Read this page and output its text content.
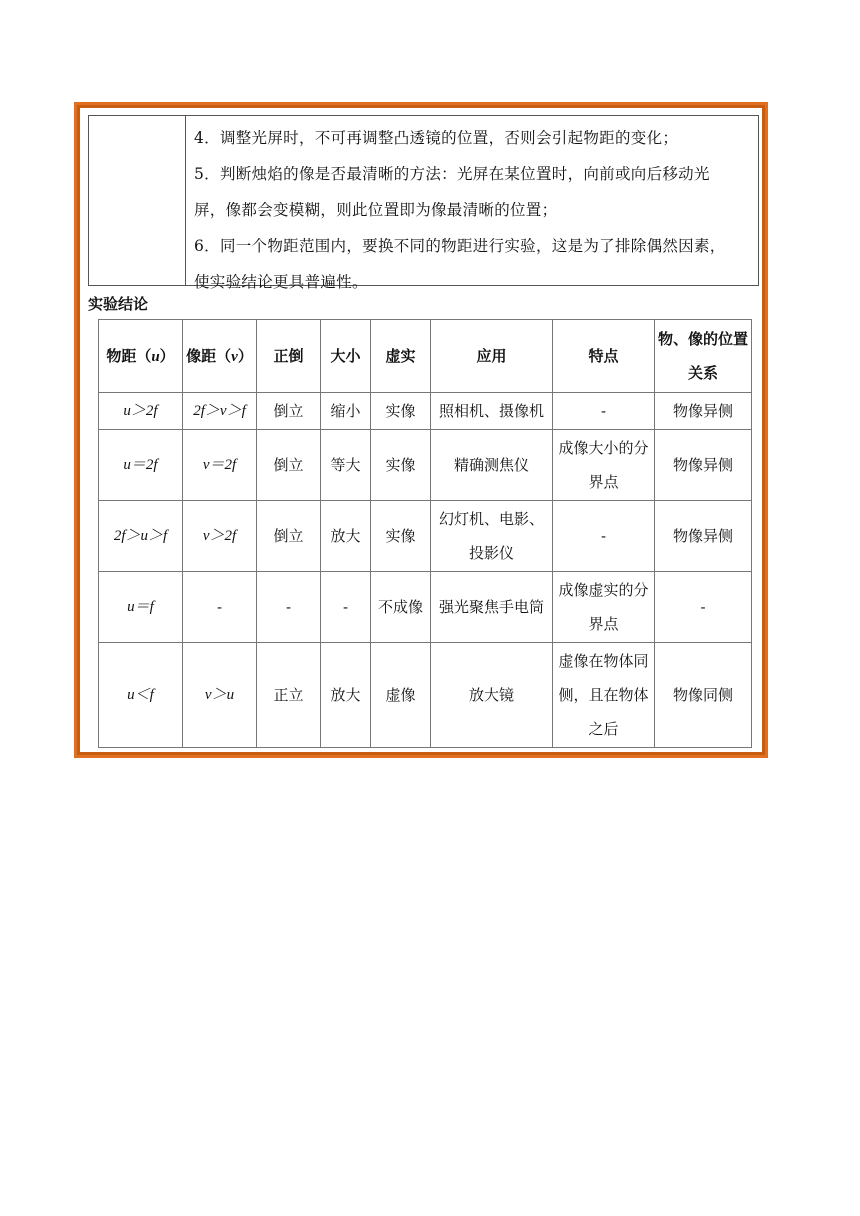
4．调整光屏时，不可再调整凸透镜的位置，否则会引起物距的变化；
5．判断烛焰的像是否最清晰的方法：光屏在某位置时，向前或向后移动光
屏，像都会变模糊，则此位置即为像最清晰的位置；
6．同一个物距范围内，要换不同的物距进行实验，这是为了排除偶然因素，
使实验结论更具普遍性。
实验结论
物距（u）	像距（v）	正倒	大小	虚实	应用	特点	物、像的位置关系
u＞2f	2f＞v＞f	倒立	缩小	实像	照相机、摄像机	-	物像异侧
u＝2f	v＝2f	倒立	等大	实像	精确测焦仪	成像大小的分界点	物像异侧
2f＞u＞f	v＞2f	倒立	放大	实像	幻灯机、电影、投影仪	-	物像异侧
u＝f	-	-	-	不成像	强光聚焦手电筒	成像虚实的分界点	-
u＜f	v＞u	正立	放大	虚像	放大镜	虚像在物体同侧，且在物体之后	物像同侧
